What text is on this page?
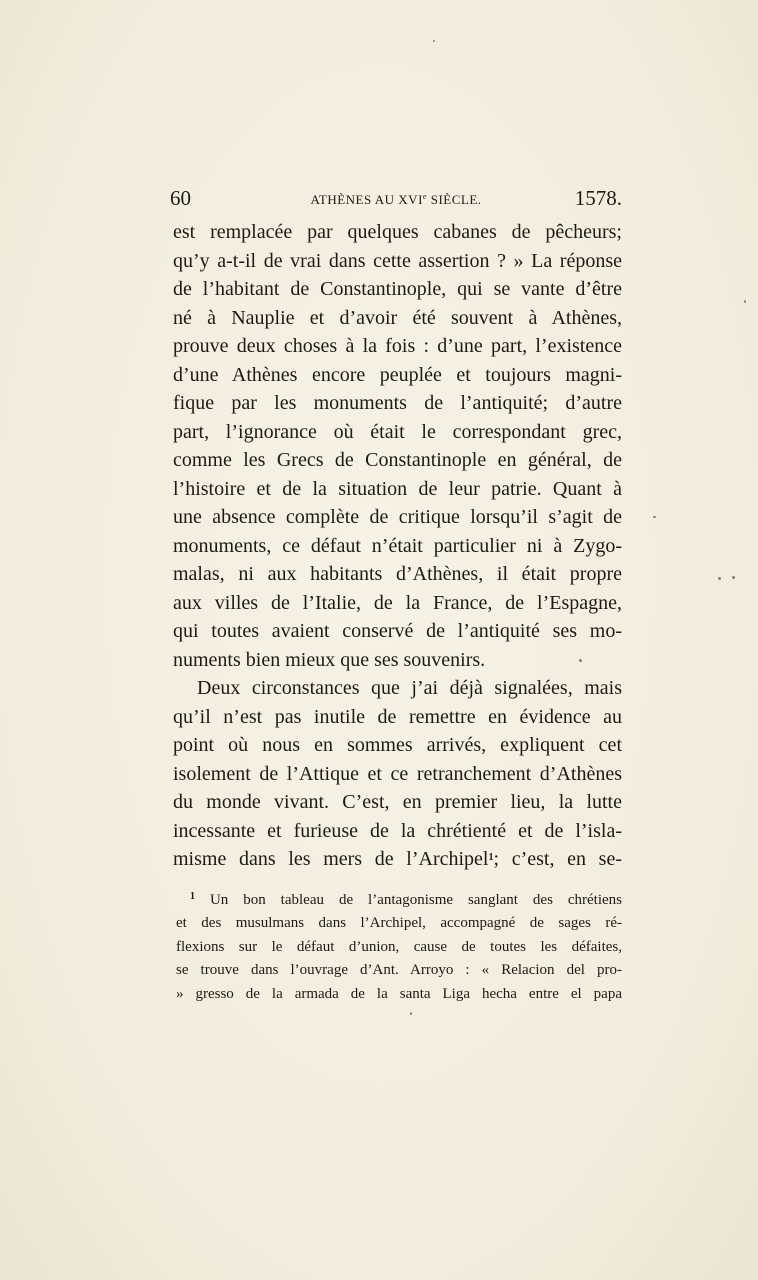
60	ATHÈNES AU XVIe SIÈCLE.	1578.
est remplacée par quelques cabanes de pêcheurs;
qu’y a-t-il de vrai dans cette assertion ? » La réponse
de l’habitant de Constantinople, qui se vante d’être
né à Nauplie et d’avoir été souvent à Athènes,
prouve deux choses à la fois : d’une part, l’existence
d’une Athènes encore peuplée et toujours magni-
fique par les monuments de l’antiquité; d’autre
part, l’ignorance où était le correspondant grec,
comme les Grecs de Constantinople en général, de
l’histoire et de la situation de leur patrie. Quant à
une absence complète de critique lorsqu’il s’agit de
monuments, ce défaut n’était particulier ni à Zygo-
malas, ni aux habitants d’Athènes, il était propre
aux villes de l’Italie, de la France, de l’Espagne,
qui toutes avaient conservé de l’antiquité ses mo-
numents bien mieux que ses souvenirs.
Deux circonstances que j’ai déjà signalées, mais
qu’il n’est pas inutile de remettre en évidence au
point où nous en sommes arrivés, expliquent cet
isolement de l’Attique et ce retranchement d’Athènes
du monde vivant. C’est, en premier lieu, la lutte
incessante et furieuse de la chrétienté et de l’isla-
misme dans les mers de l’Archipel$^1$; c’est, en se-
$^1$ Un bon tableau de l’antagonisme sanglant des chrétiens
et des musulmans dans l’Archipel, accompagné de sages ré-
flexions sur le défaut d’union, cause de toutes les défaites,
se trouve dans l’ouvrage d’Ant. Arroyo : « Relacion del pro-
» gresso de la armada de la santa Liga hecha entre el papa
